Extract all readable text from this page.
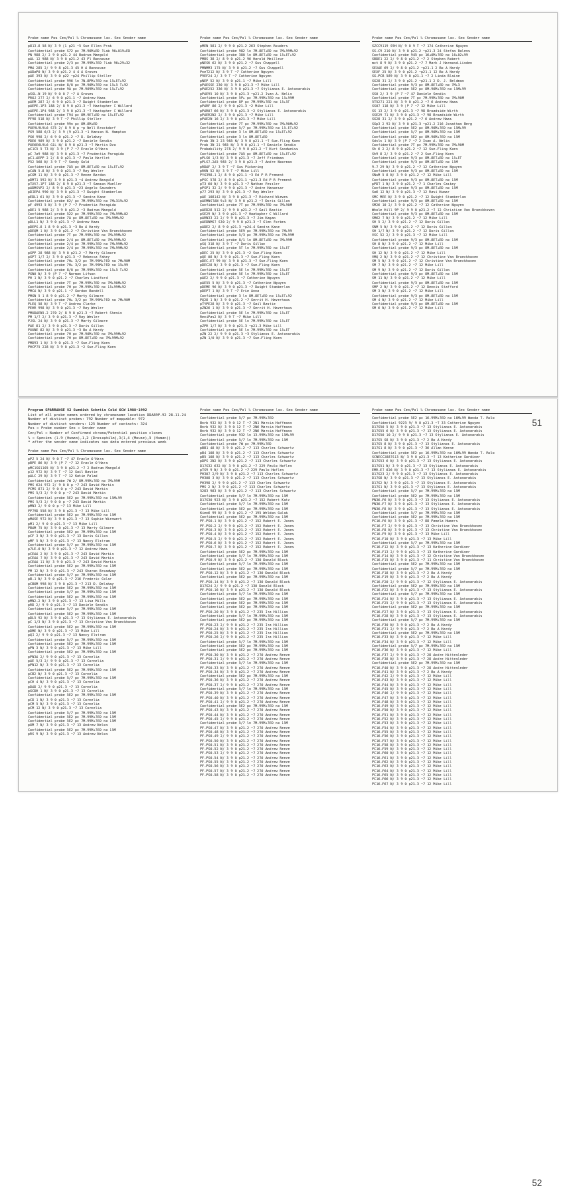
Probe name Pos Cen/Pol % Chromosome loc. Sex Sender name
p813.8 58 N/ 3 9 (1 p21 ~5 Sue Ellen Prak
Confidential probe S72 pc 7M-90M+ED ?Lab 96+019+ED
PN 988 2/ 2 9 0 p21.2 44 Bodrum Maegold
pAL 12 988 N/ 3 9 0 p21.2 43 Pl Bonnouse
Confidential probe 2/3 pc 7M-99M+?ED ?Lab 96+29+32
PMA 285 2/ 9 9 8 p21.3 45 H A Bonnouse
pADaP0 N/ 3 9 0 p21.2 4 4 A Groves
pAE 393 N/ 3 9 0 p22 ~p24 Phillip Steller
Confidential probe 996 ln 7N-8PM+?ED no 15+ET+92
Confidential probe 8/0 pc 7M-90M+?ED no 15+5 T+92
Confidential probe 9A pc 7M-909M+?ED no 15+T+92
pSGL-N 19 N/ 9 0 0 7 ~7 A Groves
PROJ 277 2/ 6 9 0 p21.1 ~7 Andrew Haas
pAEM 287 2/ 6 9 0 p21.3 ~7 Dwight Stomberlan
pAEPE-1P3 188 2/ 8 9 0 p21.3 ~7 Haatopher C Willard
pAEPE-1P4 988 2/ 3 9 0 p21.3 ~7 Haatopher C Willard
Confidential probe T94 pc 8M-9ET+ED no 15+ET+92
PF98 518 N/ 3 9 T ~7 Phillip Steller
Confidential probe 99n pc 8M-8M+ED
POE9L9L9L6 S75 2/ 8 9 0 p ~p Nell Brockdorf
PG9 588 6/3 2/ 5 9 (9 p21.3 ~1 Hanson N. Hampton
PG6 998 2/ 6 9 0 p21.2 ~7 D. Delahay
PDE6 989 N/ 3 9 0 p21.2 ~7 Daniele Sendin
POE6E6L9L6 G1L N/ 8 9 0 p21.3 ~7 Martin Dzo
pC1C5 5 T3 N/ 3 9 (P 7 ~7 Eracle O'Hara
pC 7a9 988 N/ 3 9 0 p21.3 ~7 Prudentia Paragido
pC1-AEPP 2 2/ 8 0 p21.3 ~7 Paula Hartlet
P52 568 N/ 3 9 T ~7 Sandy Gold
Confidential probe 7A5 pc 8M-8ET+ED no 15+ET+92
pCAN 5.8 N/ 3 9 0 p21.3 ~7 Ray Wesler
pCGM 11 N/ 3 9 0 p21.3 ~7 Renee Bardon
pDMT1 592 N/ 3 9 0 p21.3 ~4 Andrew Beaguld
pTXV7-1P7 188 2/ 8 9 0 p21.3 ~7 Samson Mueller
pADMSVP2 2/ 8 9 0 p21.3 ~23 Angelo Saunders
pDIEPA 990 N/ 3 9 0 p21.3 ~7 Dwight Stomberlan
pEDL1 61 N/ 3 9 0 p21.3 ~7 Sandra Kane
Confidential probe 62/ pc 7M-99M+?ED no 7M+319+92
pF 4993 5 N/ 3 9 (P 7 ~7 Prudentia Paragido
pDE1 5 988 2/ 3 9 0 p21.2 ~3 Bodrum Maegold
Confidential probe 522 pc 7M-99M+?ED no 7M+99M+02
Confidential probe 7A pc 8M-8ET+ED no 7M+99M+92
pDLL1 N/ 3 9 0 p21.3 ~7 Andrew Haas
pDEPS-8 1 8 9 0 p21.3 ~3 Bo A Hardy
pDEQM 1 N/ 3 9 0 p21.2 ~7 Christine Van Broeckhoven
Confidential probe 7T pc 7M-99M+?ED no 7M+99M+92
Confidential probe 2/4 pc 8M-8ET+ED no 7M+99M+92
Confidential probe 2/4 pc 7M-99M+?ED no 7M+99M+92
Confidential probe 2/4 pc 7M-99M+?ED no 7M+99M+92
pGPP 28 988 N/ 3 9 0 p21.2 ~7 Marty Gilmore
pGPT 1/7 2/ 3 9 0 p21.3 ~7 Rebecca Fahey
Confidential probe 7H+ 3/2 pc 7M-99M+?ED no 7M+90M
Confidential probe 7H+ 3/2 pc 7M-99M+?ED no 15+99
Confidential probe 8/0 pc 7M-99M+?ED no 15+5 T+92
PGN0 N/ 3 9 (P 7 ~7 Norman Lifson
PH 1 N/ 3 9 0 p21.2 ~7 Charles Lindford
Confidential probe 7T pc 7M-99M+?ED no 7M+90M+92
Confidential probe 7H pc 7M-99M+?ED no 15+99M+92
PMCA N/ 3 9 0 p21.1 ~7 Gordon Bondell
PMGN 5 1 8 9 0 p21.2 ~7 Marty Gilmore
Confidential probe 7H+ 3/2 pc 7M-99M+?ED no 7M+90M
PLEQ 58 N/ 3 9 T ~7 Andrew Clarke
PEHR 998 N/ 3 9 0 p21.3 ~7 Ray Wesler
PMUDAEN5.2 270 2/ 8 9 0 p21.3 ~7 Robert Shenin
PM 1/7 2/ 3 9 0 p21.3 ~7 Ray Wesler
PJSL 24 N/ 3 9 0 p21.3 ~7 Marty Gilmore
PAE 81 2/ 3 9 0 p21.3 ~7 Doris Gillon
PUUNE 82 N/ 3 9 0 p21.3 ~3 Bo A Hardy
Confidential probe 7H pc 7M-90M+?ED no 7M+99M+92
Confidential probe 7H pc 8M-8ET+ED no 7M+99M+92
PMD93 1 N/ 3 9 0 p21.3 ~7 Sue-Fling Koen
PHCP75 228 N/ 3 9 0 p21.3 ~2 Sue-Fling Koen
Probe name Pos Cen/Pol % Chromosome loc. Sex Sender name
pMEN 581 2/ 9 9 0 p21.2 263 Stephen Rouders
Confidential probe 982 ln 7M-8ET+ED no 7M+99M+92
Confidential probe 380 ln 8M-8ET+ED no 15+ET+92
PMBS 38 2/ 8 9 0 p21.2 96 Harold Meilleur
pNESK 62 N/ 3 9 0 p21.2 ~7 Gus Chappell
PMNMM3 175 N/ 3 9 0 p21.2 ~7 Gus Chappell
PneT212 N/ 3 9 T ~7 Catherine Nguyen
P9EF24 2/ 3 9 T ~7 Catherine Nguyen
pNEP 52 N/ 3 9 0 p21.1 ~7 Mike Lill
pPAESSE 230 N/ 3 9 0 p21.3 ~7 Mike Lill
pPAE252 336 N/ 3 9 0 p21.3 ~7 Stylianos E. Antonarakis
pPAE95 10 N/ 3 9 0 p21.3 ~p21.2 Ivan A. Nelin
Confidential probe 5P+ pc 7M-99M+?ED no 15+99M
Confidential probe 8P pc 7M-99M+?ED no 15+5T
pPARF 86 2/ 9 9 0 p21.3 ~2 Mike Lill
pPAR07 66 N/ 3 9 0 p21.3 ~2 Stylianos E. Antonarakis
pPAER2N2 2/ 3 9 0 p21.3 ~7 Mike Lill
pPAE2N 16 2/ 3 9 0 p21.3 ~7 Mike Lill
Confidential probe 7T pc 7M-99M+?ED no 7M+90M+92
Confidential probe 5/7 pc 7M-99M+?ED no 15-ET+92
Confidential probe 3 ln 8M-8ET+ED no 15+ET+92
Confidential probe 3 ln 8M-8ET+ED
Prob 3N 2 23 985 N/ 3 9 0 p21.1 ~7 Sue-Fling Koen
Prob 3N 21 985 N/ 3 9 0 p21.1 ~7 Daniele Sendin
Probability 278 2/ 9 9 0 p21.2 ~7 Kurt Sandweiss
Confidential probe 7A5 pc 8M-8ET+ED no 15+ET+92
pPLS6 1/3 N/ 3 9 0 p21.3 ~7 Jeff Friedman
pPLS7-2A5 985 2/ 3 9 0 p21.3 ~7 Andre Noorman
pRDAF 2/ 3 9 T ~7 Gus Pickering
pRKN 52 N/ 3 9 T ~7 Mike Lill
PYG398-1 2/ 8 9 0 p21.1 ~3 Ed P R Prement
pPSC 578 2/ 8 9 0 p21.1 ~p21.3 Ed P R Prement
pT3 60 N/ 3 9 0 p21.3 ~7 Nathan Fessler
pPSP1 32 2/ 9 9 0 p21.3 ~7 Andre Hanoesar
p77 293 N/ 3 9 0 p21.3 ~7 Ray Wesler
pAE 108142 N/ 3 9 0 p21.3 ~7 Richard Wiewes
pAEMNSTAN 9+5 N/ 3 9 0 p21.2 ~7 Doris Gillon
Confidential probe 7T pc 7M-99M+?ED no 7M+90M
pAED28 512 2/ 9 9 0 p21.2 ~7 Gail Bastie
pSE29 N/ 3 9 0 p21.3 ~7 Haatopher C Willard
pARN33 22 2/ 9 9 0 p21.3 ~7 Jim Kagan
pAEDNMS7 S30 2/ 9 9 0 p21.3 ~7 Glen Forbes
pADE2 2/ 8 9 0 p21.3 ~p24.4 Sandra Kane
Confidential probe 5E9 pc 7M-99M+?ED no 7M+99
Confidential probe 5/3 pc 7M-99M+?ED no 7M+99M
Confidential probe 8/1 ln 8M-8ET+ED no 7M+99M
pSQ 318 N/ 3 9 T ~7 Doris Gillon
Confidential probe 5T ln 7M-99M+?ED no 15+ET
pDEC 25 N/ 3 9 0 p21.3 ~2 Sue-Fling Koen
pQE 08 N/ 3 9 0 p21.3 ~7 Sue-Fling Koen
pDEC-ET 99 N/ 3 9 0 p21.3 ~7 Sue-Fling Koen
pDEC28 N/ 3 9 0 p21.3 ~7 Sue-Fling Koen
Confidential probe 5E ln 7M-99M+?ED no 15+ET
Confidential probe 5E ln 7M-99M+?ED no 15+ET
pAE2 2/ 9 9 0 p21.3 ~7 Catherine Nguyen
pAE55 5 N/ 3 9 0 p21.3 ~7 Catherine Nguyen
pDEME 96 N/ 3 9 0 p21.3 ~7 Dwight Stomberlan
pDEPT 1 N/ 3 9 T ~7 Erie Anna
Confidential probe 3 ln 8M-8ET+ED no 15+ET+92
PQ28 1 N/ 3 9 0 p21.2 ~7 Gerrit H. Haverhaus
pTYPE28 N/ 3 9 0 p21.3 ~7 Gail Bastie
pZN26 1 N/ 3 9 0 p21.3 ~7 Gerrit H. Haverhaus
Confidential probe 5E ln 7M-99M+?ED no 15+ET
ReniPas2 N/ 3 9 T ~7 Mike Lill
Confidential probe 5E ln 7M-99M+?ED no 15+ET
pZPR 1/7 N/ 3 9 0 p21.3 ~p21.3 Mike Lill
Confidential probe 5E ln 7M-99M+?ED no 15+ET
pZN 22 2/ 9 9 0 p21.3 ~3 Stylianos E. Antonarakis
pZN 1/0 N/ 3 9 0 p21.3 ~7 Sue-Fling Koen
Probe name Pos Cen/Pol % Chromosome loc. Sex Sender name
SZCC9119 S9H N/ 9 0 9 T ~7 174 Catherine Nguyen
SS-C9 210 N/ 3 9 0 p21.2 ~p21.3 24 Stefan Bolens
Confidential probe 945 pc 16+0M+?ED no 16+02+99
SBDE1 22 2/ 9 8 0 p21.2 ~7 2 Stephen Robert
mct 8 9 N/ 3 9 0 p21.2 ~7 7 Mark J Harmond-Linden
SEXAE 69 2/ 9 8 0 p21.2 ~p21.1 2 Bo A Hardy
SEXF 25 N/ 3 9 0 p21.2 ~p21.1 12 Bo A Hardy
SG-PCB 589 N/ 3 9 0 p21.1 ~7 2 Linda Blaine
SG28 31 2/ 3 9 0 p21.2 ~p21.1 2 D. J. Beldman
Confidential probe 9/3 pc 8M-8ET+ED no 7M+3
Confidential probe 5E2 pc 8M-90M+?ED no 15M+99
SS0 2/ 3 9 (P 7 ~7 47 Daniele Sendin
Confidential probe 7T pc 7M-99M+?ED no 7M+90M
5T5271 221 N/ 3 9 0 p21.2 ~7 6 Andrew Haas
SS07 118 N/ 3 9 (P 7 ~7 12 Mike Lill
SS 13 2/ 3 9 0 p21.3 ~7 98 Broadside Wirth
SSE29 71 N/ 3 9 0 p21.3 ~7 98 Broadside Wirth
SG28 31 2/ 3 9 0 p21.2 ~7 6 Andrew Haas
SGp3 2 92 N/ 3 9 0 p21.3 ~p21.2 216 Jonathan Berg
Confidential probe 5E2 pc 8M-90M+?ED no 15M+99
Confidential probe 5/7 pc 8M-90M+?ED no 15M
Confidential probe 5E2 pc 8M-90M+?ED no 15M
Sdvlv 1 N/ 3 9 (P 7 ~7 2 Ivan A. Nelin
Confidential probe 7T pc 7M-99M+?ED no 7M+90M
Sh 6 2 2/ 8 9 0 p21.2 ~7 12 Sue-Fling Koen
Sh9 8 2/ 3 9 0 p21.2 ~7 2 Sue-Fling Koen
Confidential probe 9/3 pc 8M-8ET+ED no 15+ET
Confidential probe 9/3 pc 8M-8ET+ED no 15M
9-7 29 N/ 3 9 0 p21.2 ~7 12 Catherine Nguyen
Confidential probe 9/3 pc 8M-8ET+ED no 15M
SNuM 5 8 N/ 3 9 0 p21.2 ~7 12 Mike Lill
Confidential probe 9/3 pc 8M-8ET+ED no 15M
pPDT 1 N/ 3 9 0 p21.2 ~7 1 Charles Caskey
Confidential probe 9/3 pc 8M-8ET+ED no 15M
Sa6 12 N/ 3 9 0 p21.3 ~7 12 Ravi Kumar
SMC MEE N/ 3 9 0 p21.2 ~7 12 Dwight Stomberlan
Confidential probe 9/3 pc 8M-8ET+ED no 15M
SM26 10 2/ 3 9 0 p21.2 ~7 12 Catherine Nguyen
Whole Hill 9P 2/ 9 9 0 p21.2 ~7 12 Christine Van Broeckhoven
Confidential probe 9/3 pc 8M-8ET+ED no 15M
SM62 7 N/ 3 9 0 p21.2 ~7 12 Mike Lill
SH 5 2/ 3 9 0 p21.2 ~7 12 Doris Gillon
SNM 5 N/ 3 9 0 p21.2 ~7 12 Doris Gillon
SH 1/7 N/ 3 9 0 p21.2 ~7 12 Doris Gillon
VSC 52 2/ 3 9 0 p21.3 ~7 12 Mike Lill
Confidential probe 9/3 pc 8M-8ET+ED no 15M
SH 8 N/ 3 9 0 p21.2 ~7 12 Mike Lill
Confidential probe 9/3 pc 8M-8ET+ED no 15M
SH 12 N/ 3 9 0 p21.2 ~7 12 Mike Lill
VMQ 2 N/ 3 9 0 p21.2 ~7 12 Christine Van Broeckhoven
SM 5 N/ 3 9 0 p21.2 ~7 12 Christine Van Broeckhoven
SM 7 N/ 3 9 0 p21.2 ~7 12 Mike Lill
SM 9 N/ 3 9 0 p21.2 ~7 12 Doris Gillon
Confidential probe 9/3 pc 8M-8ET+ED no 15M
SM 11 N/ 3 9 0 p21.2 ~7 12 Mike Lill
Confidential probe 9/3 pc 8M-8ET+ED no 15M
SMP 2 N/ 3 9 0 p21.2 ~7 12 Dennis Stafford
SM 3 N/ 3 9 0 p21.2 ~7 12 Mike Lill
Confidential probe 9/3 pc 8M-8ET+ED no 15M
SM 4 N/ 3 9 0 p21.2 ~7 12 Mike Lill
Confidential probe 9/3 pc 8M-8ET+ED no 15M
SM 6 N/ 3 9 0 p21.2 ~7 12 Mike Lill
51
Program SPARRANGE V2 Swedish Schetin Cold GCW 1988-1992
List of all probe names ordered by chromosome location DDA89P-92 28.11.24
Number of distinct probes: 792 Number of mappable: 972
Number of distinct senders: 125 Number of contacts: 324
Pos = Probe number Sex = Sender name
Cen/Pol = Number of Confirmed chromo/Potential position clones
% = Species (1-9 (Human),1,2 (Drosophila),3(1,4 (Mouse),5 (Human))
* after the sender name indicates non data entered previous week
Probe name Pos Cen/Pol % Chromosome loc. Sex Sender name
pPZ 5 24 N/ 9 0 T ~7 47 Eracle O'Hara
pBPE 86 N/ 3 9 (P 7 ~7 12 Eracle O'Hara
pMC1SO1105 N/ 3 9 0 p21.2 ~7 2 Bodrum Maegold
p12 972 N/ 3 9 T ~7 12 Gail Bastie
pALC 29 N/ 3 9 T ~7 12 Katie Palad
Confidential probe 7W 2/ 8M-99M+?ED no 7M+99M
PMS 624 972 2/ 9 0 0 p ~7 243 David Markin
PCMS 871 2/ 9 0 0 p ~7 243 David Markin
PMS 5/3 2/ 9 0 0 p ~7 243 David Markin
Confidential probe 5E2 pc 7M-99M+?ED no 15M+99
PMS 5/3 2/ 9 0 0 p ~7 243 David Markin
pMN3 2/ 9 0 0 p ~7 13 Mike Lill
PP79D 558 N/ 3 9 0 p21.3 ~7 13 Mike Lill
Confidential probe 5E2 pc 7M-99M+?ED no 15M
pMASE 972 N/ 3 9 0 p21.3 ~7 13 Sophie Wienwert
pM1 2/ 9 0 0 p21.3 ~7 13 Mike Lill
PBAM 75 N/ 3 9 0 p21.3 ~7 13 Marty Gilmore
Confidential probe 5E2 pc 7M-99M+?ED no 15M
pCF 3 N/ 3 9 0 p21.3 ~7 13 Doris Gillon
pMF 5 N/ 3 9 0 p21.3 ~7 13 Nancy Elstrom
Confidential probe 5/7 pc 7M-99M+?ED no 15M
p7LE-0 N/ 3 9 0 p21.3 ~7 12 Andrew Haas
pCEAA 2 N/ 3 9 0 p21.3 ~7 243 David Markin
pCEAA 7 N/ 3 9 0 p21.3 ~7 243 David Markin
pCEAA 11 N/ 3 9 0 p21.3 ~7 243 David Markin
Confidential probe 5E2 pc 7M-99M+?ED no 15M
PM 12 N/ 3 9 0 p21.3 ~7 243 Sharon Broadway
Confidential probe 5/7 pc 7M-99M+?ED no 15M
pB-1 N/ 3 9 0 p21.3 ~7 216 Frederic Colar
pCBOM 998 N/ 3 9 0 p21.3 ~7 213 D. Delahay
Confidential probe 5E2 pc 7M-99M+?ED no 15M
Confidential probe 5/7 pc 7M-99M+?ED no 15M
Confidential probe 5E2 pc 7M-99M+?ED no 15M
pMN2-2 N/ 3 9 0 p21.3 ~7 13 Lisa Mills
pRD 2/ 9 9 0 p21.3 ~7 13 Daniele Sendin
Confidential probe 5/7 pc 7M-99M+?ED no 15M
Confidential probe 5E2 pc 7M-99M+?ED no 15M
pDL5 92 N/ 3 9 0 p21.3 ~7 13 Stylianos E. Antonarakis
pC 1/3 N/ 3 9 0 p21.3 ~7 13 Christine Van Broeckhoven
Confidential probe 5E2 pc 7M-99M+?ED no 15M
pDME N/ 3 9 0 p21.3 ~7 13 Mike Lill
pQI 2/ 9 9 0 p21.3 ~7 13 Nancy Elstrom
Confidential probe 5/7 pc 7M-99M+?ED no 15M
Confidential probe 5E2 pc 7M-99M+?ED no 15M
pPN 3 N/ 3 9 0 p21.3 ~7 13 Mike Lill
Confidential probe 5E2 pc 7M-99M+?ED no 15M
pPN3A 2/ 9 9 0 p21.3 ~7 13 Cornelia
pAE 5/3 2/ 9 9 0 p21.3 ~7 13 Cornelia
pPN12 N/ 3 9 0 p21.3 ~7 13 Cornelia
Confidential probe 5E2 pc 7M-99M+?ED no 15M
pCB2 N/ 3 9 0 p21.3 ~7 13 Cornelia
Confidential probe 5/7 pc 7M-99M+?ED no 15M
pCH 4 N/ 3 9 0 p21.3 ~7 13 Cornelia
pDAD 2/ 9 9 0 p21.3 ~7 13 Cornelia
pGCDH 1 N/ 3 9 0 p21.3 ~7 13 Cornelia
Confidential probe 5E2 pc 7M-99M+?ED no 15M
pCD 1 N/ 3 9 0 p21.3 ~7 13 Cornelia
pCM 5 N/ 3 9 0 p21.3 ~7 13 Cornelia
pCM 12 N/ 3 9 0 p21.3 ~7 13 Cornelia
Confidential probe 5/7 pc 7M-99M+?ED no 15M
Confidential probe 5E2 pc 7M-99M+?ED no 15M
Confidential probe 5E2 pc 7M-99M+?ED no 15M
pOM 7 N/ 3 9 0 p21.3 ~7 13 Andrew Nelon
Confidential probe 5E2 pc 7M-99M+?ED no 15M
pRS 9 N/ 3 9 0 p21.3 ~7 13 Andrew Nelon
Probe name Pos Cen/Pol % Chromosome loc. Sex Sender name
Confidential probe 5/7 pc 7M-99M+?ED
Bnrb 932 N/ 3 9 0 12 T ~7 2N1 Marcia Hoffmann
Bnrb 932 N/ 3 9 0 12 T ~7 2N6 Marcia Hoffmann
Bnrb 932 N/ 3 9 0 12 T ~7 2N6 Marcia Hoffmann
Confidential probe 932 ln 13-99M+?ED no 15M+99
Confidential probe 5/7 ln 7M-99M+?ED no 15M
Confidential probe 7W pc 7M-99M+?ED
pBB1 48 N/ 3 9 0 p21.2 ~7 113 Charles Schwartz
pB4 108 N/ 3 9 0 p21.2 ~7 113 Charles Schwartz
pB5 108 N/ 3 9 0 p21.2 ~7 113 Charles Schwartz
pDPS 2N2 N/ 3 9 0 p21.2 ~7 113 Charles Schwartz
D17S32 632 N/ 3 9 0 p21.2 ~7 229 Paulo Hoflen
pTS9 9 N/ 3 9 0 p21.2 ~7 229 Paulo Hoflen
PH307 2/9 N/ 3 9 0 p21.2 ~7 113 Charles Schwartz
PH308 3 N/ 3 9 0 p21.2 ~7 113 Charles Schwartz
PH398 2/ 9 9 0 p21.2 ~7 113 Charles Schwartz
PMS 2 N/ 3 9 0 p21.2 ~7 113 Charles Schwartz
5283 983 N/ 3 9 0 p21.2 ~7 113 Charles Schwartz
Confidential probe 5/7 ln 7M-99M+?ED no 15M
D17S30 923 N/ 3 9 0 p21.2 ~7 152 Robert Katz
Confidential probe 5/7 ln 7M-99M+?ED no 15M
Confidential probe 5E2 pc 7M-99M+?ED no 15M
Kien6 99 N/ 3 9 0 p21.2 ~7 195 Weldon Gulak
Confidential probe 5E2 pc 7M-99M+?ED no 15M
PF-PS0-1 N/ 3 9 0 p21.2 ~7 152 Robert E. Jones
PF-PSO-2 2/ 9 9 0 p21.2 ~7 152 Robert E. Jones
PF-PS0-3 N/ 3 9 0 p21.2 ~7 152 Robert E. Jones
PF-PS0-4 N/ 3 9 0 p21.2 ~7 152 Robert E. Jones
PF-PS0-5 2/ 9 9 0 p21.2 ~7 152 Robert E. Jones
PF-PS0-6 N/ 3 9 0 p21.2 ~7 152 Robert E. Jones
PF-PS0-7 N/ 3 9 0 p21.2 ~7 152 Robert E. Jones
Confidential probe 5E2 pc 7M-99M+?ED no 15M
Confidential probe 5/7 ln 7M-99M+?ED no 15M
PF-PS0-9 N/ 3 9 0 p21.2 ~7 130 Donald Block
Confidential probe 5/7 ln 7M-99M+?ED no 15M
Confidential probe 5E2 pc 7M-99M+?ED no 15M
PF-PS0-12 N/ 3 9 0 p21.2 ~7 130 Donald Block
Confidential probe 5E2 pc 7M-99M+?ED no 15M
PF-PS0-14 N/ 3 9 0 p21.2 ~7 130 Donald Block
D17S24 2/ 9 9 0 p21.2 ~7 130 Donald Block
PF-PS0-16 N/ 3 9 0 p21.2 ~7 130 Donald Block
Confidential probe 5/7 ln 7M-99M+?ED no 15M
Confidential probe 5E2 pc 7M-99M+?ED no 15M
Confidential probe 5E2 pc 7M-99M+?ED no 15M
Confidential probe 5E2 pc 7M-99M+?ED no 15M
PF-PS0-20 N/ 3 9 0 p21.2 ~7 235 Ira Hillian
Confidential probe 5/7 ln 7M-99M+?ED no 15M
Confidential probe 5E2 pc 7M-99M+?ED no 15M
PF-PS0-23 2/ 9 9 0 p21.2 ~7 235 Ira Hillian
PF-PS0-24 N/ 3 9 0 p21.2 ~7 235 Ira Hillian
PF-PS0-25 N/ 3 9 0 p21.2 ~7 235 Ira Hillian
PF-PS0-26 2/ 9 9 0 p21.2 ~7 235 Ira Hillian
Confidential probe 5/7 ln 7M-99M+?ED no 15M
Confidential probe 5E2 pc 7M-99M+?ED no 15M
Confidential probe 5E2 pc 7M-99M+?ED no 15M
PF-PS0-30 N/ 3 9 0 p21.2 ~7 270 Andrew Reeve
PF-PS0-31 2/ 9 9 0 p21.2 ~7 270 Andrew Reeve
Confidential probe 5/7 ln 7M-99M+?ED no 15M
PF-PS0-33 N/ 3 9 0 p21.2 ~7 270 Andrew Reeve
PF-PS0-34 N/ 3 9 0 p21.2 ~7 270 Andrew Reeve
Confidential probe 5E2 pc 7M-99M+?ED no 15M
PF-PS0-36 N/ 3 9 0 p21.2 ~7 270 Andrew Reeve
PF-PS0-37 2/ 9 9 0 p21.2 ~7 270 Andrew Reeve
Confidential probe 5/7 ln 7M-99M+?ED no 15M
PF-PS0-39 N/ 3 9 0 p21.2 ~7 270 Andrew Reeve
PF-PS0-40 N/ 3 9 0 p21.2 ~7 270 Andrew Reeve
PF-PS0-41 2/ 9 9 0 p21.2 ~7 270 Andrew Reeve
Confidential probe 5E2 pc 7M-99M+?ED no 15M
PF-PS0-43 N/ 3 9 0 p21.2 ~7 270 Andrew Reeve
PF-PS0-44 N/ 3 9 0 p21.2 ~7 270 Andrew Reeve
PF-PS0-45 2/ 9 9 0 p21.2 ~7 270 Andrew Reeve
Confidential probe 5/7 ln 7M-99M+?ED no 15M
PF-PS0-47 N/ 3 9 0 p21.2 ~7 270 Andrew Reeve
PF-PS0-48 N/ 3 9 0 p21.2 ~7 270 Andrew Reeve
PF-PS0-49 2/ 9 9 0 p21.2 ~7 270 Andrew Reeve
PF-PS0-50 N/ 3 9 0 p21.2 ~7 270 Andrew Reeve
PF-PS0-51 N/ 3 9 0 p21.2 ~7 270 Andrew Reeve
PF-PS0-52 N/ 3 9 0 p21.2 ~7 270 Andrew Reeve
PF-PS0-53 2/ 9 9 0 p21.2 ~7 270 Andrew Reeve
PF-PS0-54 N/ 3 9 0 p21.2 ~7 270 Andrew Reeve
PF-PS0-55 N/ 3 9 0 p21.2 ~7 270 Andrew Reeve
PF-PS0-56 N/ 3 9 0 p21.2 ~7 270 Andrew Reeve
PF-PS0-57 N/ 3 9 0 p21.2 ~7 270 Andrew Reeve
PF-PS0-58 N/ 3 9 0 p21.2 ~7 270 Andrew Reeve
Probe name Pos Cen/Pol % Chromosome loc. Sex Sender name
Confidential probe 5E2 pc 16-99M+?ED no 16M+99 Wanda T. Rolo
Confidential 9223 9/ 9 0 p21.3 ~7 33 Catherine Nguyen
D17S50 5 N/ 3 9 0 p21.3 ~7 13 Stylianos E. Antonarakis
D17S55 6 N/ 3 9 0 p21.3 ~7 13 Stylianos E. Antonarakis
D17S50 10 2/ 9 9 0 p21.3 ~7 13 Stylianos E. Antonarakis
D17S5 S8 N/ 3 9 0 p21.3 ~7 2 Bo A Hardy
D17S5 8 N/ 3 9 0 p21.3 ~7 13 Stylianos E. Antonarakis
D17S1 8 N/ 3 9 0 p21.3 ~7 36 Allan Keene
Confidential probe 5E2 pc 16-99M+?ED no 16M+99 Wanda T. Rolo
SCNECC2887S13 N/ 3 9 0 p21.3 ~7 13 Katherine Gardiner
D17S53 6 N/ 3 9 0 p21.3 ~7 13 Stylianos E. Antonarakis
D17S51 N/ 3 9 0 p21.3 ~7 13 Stylianos E. Antonarakis
EMR-E7 026 N/ 3 9 0 p21.3 ~7 13 Stylianos E. Antonarakis
D17S23 2/ 9 9 0 p21.3 ~7 13 Stylianos E. Antonarakis
D17S8 N/ 3 9 0 p21.3 ~7 13 Stylianos E. Antonarakis
D17S2 N/ 3 9 0 p21.3 ~7 13 Stylianos E. Antonarakis
D17S1 N/ 3 9 0 p21.3 ~7 13 Stylianos E. Antonarakis
Confidential probe 5/7 pc 7M-99M+?ED no 15M
Confidential probe 5E2 pc 7M-99M+?ED no 15M
PN36-F6 N/ 3 9 0 p21.3 ~7 13 Stylianos E. Antonarakis
PN36-F7 N/ 3 9 0 p21.3 ~7 13 Stylianos E. Antonarakis
PN36-F8 N/ 3 9 0 p21.3 ~7 13 Stylianos E. Antonarakis
Confidential probe 5/7 pc 7M-99M+?ED no 15M
Confidential probe 5E2 pc 7M-99M+?ED no 15M
PC16-F6 N/ 3 9 0 p21.3 ~7 88 Pamela Humers
PC16-F7 2/ 9 9 0 p21.3 ~7 13 Christine Van Broeckhoven
PC16-F8 N/ 3 9 0 p21.3 ~7 13 Christine Van Broeckhoven
PC16-F9 N/ 3 9 0 p21.3 ~7 13 Mike Lill
PC16-F10 N/ 3 9 0 p21.3 ~7 13 Mike Lill
Confidential probe 5/7 pc 7M-99M+?ED no 15M
PC16-F12 N/ 3 9 0 p21.3 ~7 13 Katherine Gardiner
PC16-F13 2/ 9 9 0 p21.3 ~7 13 Katherine Gardiner
PC16-F14 N/ 3 9 0 p21.3 ~7 12 Christine Van Broeckhoven
PC16-F15 N/ 3 9 0 p21.3 ~7 11 Christine Van Broeckhoven
Confidential probe 5E2 pc 7M-99M+?ED no 15M
Confidential probe 5/7 pc 7M-99M+?ED no 15M
PC16-F18 N/ 3 9 0 p21.3 ~7 2 Bo A Hardy
PC16-F19 N/ 3 9 0 p21.3 ~7 2 Bo A Hardy
PC16-F20 2/ 9 9 0 p21.3 ~7 12 Stylianos E. Antonarakis
Confidential probe 5E2 pc 7M-99M+?ED no 15M
PC16-F22 N/ 3 9 0 p21.3 ~7 13 Stylianos E. Antonarakis
Confidential probe 5/7 pc 7M-99M+?ED no 15M
PC16-F24 N/ 3 9 0 p21.3 ~7 13 Stylianos E. Antonarakis
PC16-F25 2/ 9 9 0 p21.3 ~7 13 Stylianos E. Antonarakis
Confidential probe 5E2 pc 7M-99M+?ED no 15M
PC16-F27 N/ 3 9 0 p21.3 ~7 13 Stylianos E. Antonarakis
PC16-F28 N/ 3 9 0 p21.3 ~7 13 Stylianos E. Antonarakis
Confidential probe 5/7 pc 7M-99M+?ED no 15M
PC16-F30 N/ 3 9 0 p21.3 ~7 2 Bo A Hardy
PC16-F31 2/ 9 9 0 p21.3 ~7 2 Bo A Hardy
Confidential probe 5E2 pc 7M-99M+?ED no 15M
PC16-F33 N/ 3 9 0 p21.3 ~7 12 Mike Lill
PC16-F34 N/ 3 9 0 p21.3 ~7 12 Mike Lill
Confidential probe 5/7 pc 7M-99M+?ED no 15M
PC16-F36 N/ 3 9 0 p21.3 ~7 12 Mike Lill
PC16-F37 2/ 9 9 0 p21.3 ~7 28 Andre Hittenleder
PC16-F38 N/ 3 9 0 p21.3 ~7 28 Andre Hittenleder
Confidential probe 5E2 pc 7M-99M+?ED no 15M
PC16-F40 N/ 3 9 0 p21.3 ~7 28 Andre Hittenleder
PC16-F41 N/ 3 9 0 p21.3 ~7 2 Bo A Hardy
PC16-F42 2/ 9 9 0 p21.3 ~7 12 Mike Lill
PC16-F43 N/ 3 9 0 p21.3 ~7 12 Mike Lill
PC16-F44 N/ 3 9 0 p21.3 ~7 12 Mike Lill
PC16-F45 N/ 3 9 0 p21.3 ~7 12 Mike Lill
PC16-F46 2/ 9 9 0 p21.3 ~7 12 Mike Lill
PC16-F47 N/ 3 9 0 p21.3 ~7 12 Mike Lill
PC16-F48 N/ 3 9 0 p21.3 ~7 12 Mike Lill
PC16-F49 N/ 3 9 0 p21.3 ~7 12 Mike Lill
PC16-F50 N/ 3 9 0 p21.3 ~7 12 Mike Lill
PC16-F51 N/ 3 9 0 p21.3 ~7 12 Mike Lill
PC16-F52 N/ 3 9 0 p21.3 ~7 12 Mike Lill
PC16-F53 N/ 3 9 0 p21.3 ~7 12 Mike Lill
PC16-F54 N/ 3 9 0 p21.3 ~7 12 Mike Lill
PC16-F55 N/ 3 9 0 p21.3 ~7 12 Mike Lill
PC16-F56 N/ 3 9 0 p21.3 ~7 12 Mike Lill
PC16-F57 N/ 3 9 0 p21.3 ~7 12 Mike Lill
PC16-F58 N/ 3 9 0 p21.3 ~7 12 Mike Lill
PC16-F59 N/ 3 9 0 p21.3 ~7 12 Mike Lill
PC16-F60 N/ 3 9 0 p21.3 ~7 12 Mike Lill
PC16-F61 N/ 3 9 0 p21.3 ~7 12 Mike Lill
PC16-F62 N/ 3 9 0 p21.3 ~7 12 Mike Lill
PC16-F63 N/ 3 9 0 p21.3 ~7 12 Mike Lill
PC16-F64 N/ 3 9 0 p21.3 ~7 12 Mike Lill
PC16-F65 N/ 3 9 0 p21.3 ~7 12 Mike Lill
PC16-F66 N/ 3 9 0 p21.3 ~7 12 Mike Lill
PC16-F67 N/ 3 9 0 p21.3 ~7 12 Mike Lill
52
